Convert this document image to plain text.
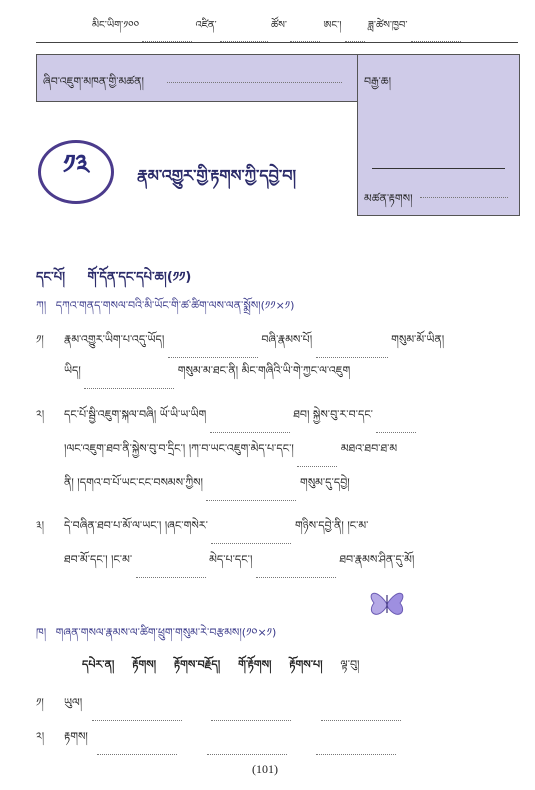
མིང་ཡིག་༡༠༠	འཛིན་	ཚོས་	ཨང་།	ཟླ་ཚེས་ཁྱབ་
ཞིབ་འཇུག་མཁན་གྱི་མཚན།	བརྒྱ་ཆ།
མཚན་རྟགས།
༡༣	རྣམ་འགྱུར་གྱི་རྟགས་ཀྱི་དབྱེ་བ།
དང་པོ། གོ་དོན་དང་དཔེ་ཆ།(༡༡)
ཀ། དཀའ་གནད་གསལ་བའི་མི་ཡོང་གི་ཚ་ཚིག་ལས་ལན་སྨྲོས།(༡༡×༡)
༡། རྣམ་འགྱུར་ཡིག་པ་འདུ་ཡོད།	བཞི་རྣམས་པོ།	གསུམ་མོ་ཡིན།
ཡིད།	གསུམ་མ་ཐང་ནི། མིང་གཞིའི་ཡི་གེ་ཀྱང་ལ་འཇུག
༢། དང་པོ་སྦྱི་འཇུག་སྐལ་བཞི། ཡོ་ཡི་ཡ་ཡིག	ཐབ། སྐྱེས་བུ་ར་བ་དང་
།ལང་འཇུག་ཐབ་ནི་སྐྱེས་བུ་བ་དྲིང་། །ཀ་བ་ཡང་འཇུག་མེད་པ་དང་།	མཐའ་ཐབ་ཐ་མ
ནི། །དགའ་བ་པོ་ཡང་ངང་བསམས་ཀྱིས།	གསུམ་དུ་དབྱེ།
༣། དེ་བཞིན་ཐབ་པ་མོ་ལ་ཡང་། །ཞང་གསེར་	གཉིས་དབྱེ་ནི། །ང་མ་
ཐབ་མོ་དང་། །ང་མ་	མེད་པ་དང་།	ཐབ་རྣམས་ཤིན་དུ་མོ།
ཁ། གཞན་གསལ་རྣམས་ལ་ཚིག་ཕྲུག་གསུམ་རེ་བརྩམས།(༡༠×༡)
དཔེར་ན། རྟོགས། རྟོགས་བརྗོད། གོ་རྟོགས། རྟོགས་པ། ལྟ་བུ།
༡། ཡུལ།
༢། རྟགས།
(101)
